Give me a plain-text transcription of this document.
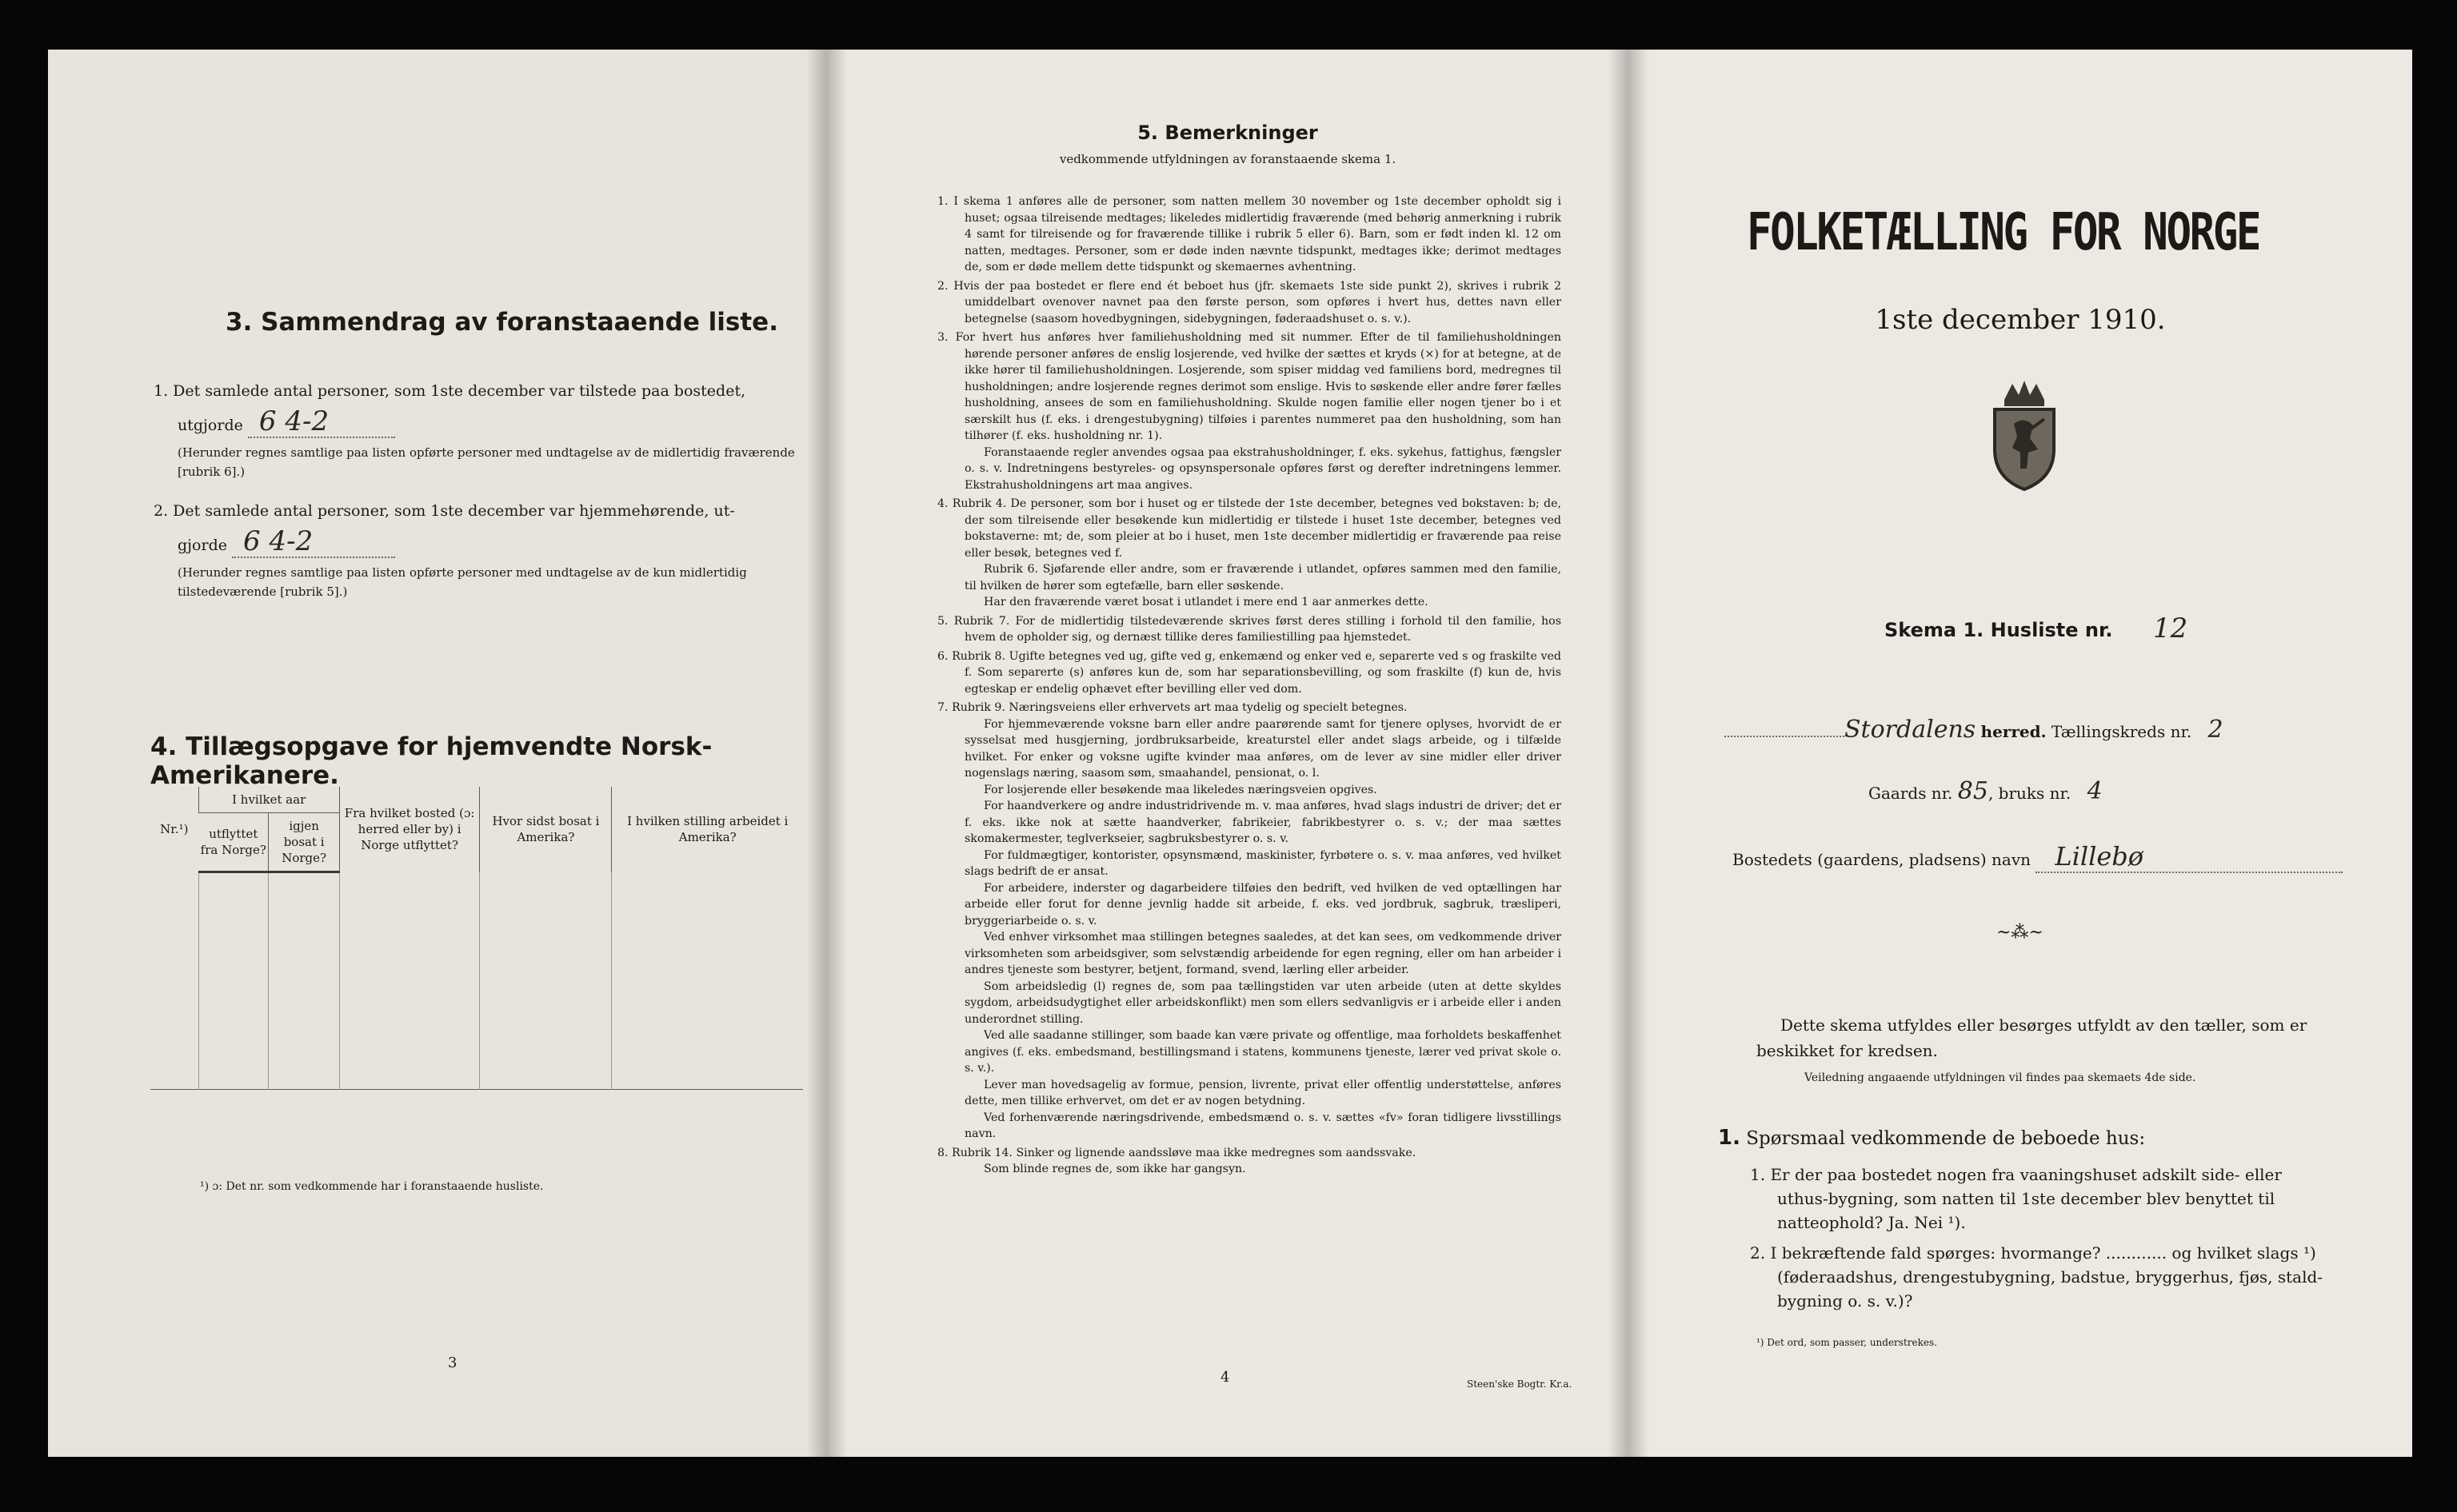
3. Sammendrag av foranstaaende liste.
1. Det samlede antal personer, som 1ste december var tilstede paa bostedet,
utgjorde 6 4-2
(Herunder regnes samtlige paa listen opførte personer med undtagelse av de midlertidig fraværende [rubrik 6].)
2. Det samlede antal personer, som 1ste december var hjemmehørende, ut-
gjorde 6 4-2
(Herunder regnes samtlige paa listen opførte personer med undtagelse av de kun midlertidig tilstedeværende [rubrik 5].)
4. Tillægsopgave for hjemvendte Norsk-Amerikanere.
Nr.¹)	I hvilket aar		Fra hvilket bosted (ɔ: herred eller by) i Norge utflyttet?	Hvor sidst bosat i Amerika?	I hvilken stilling arbeidet i Amerika?
	utflyttet fra Norge?	igjen bosat i Norge?			

¹) ɔ: Det nr. som vedkommende har i foranstaaende husliste.
3
5. Bemerkninger
vedkommende utfyldningen av foranstaaende skema 1.

1. I skema 1 anføres alle de personer, som natten mellem 30 november og 1ste december opholdt sig i huset; ogsaa tilreisende medtages; likeledes midlertidig fraværende (med behørig anmerkning i rubrik 4 samt for tilreisende og for fraværende tillike i rubrik 5 eller 6). Barn, som er født inden kl. 12 om natten, medtages. Personer, som er døde inden nævnte tidspunkt, medtages ikke; derimot medtages de, som er døde mellem dette tidspunkt og skemaernes avhentning.

2. Hvis der paa bostedet er flere end ét beboet hus (jfr. skemaets 1ste side punkt 2), skrives i rubrik 2 umiddelbart ovenover navnet paa den første person, som opføres i hvert hus, dettes navn eller betegnelse (saasom hovedbygningen, sidebygningen, føderaadshuset o. s. v.).

3. For hvert hus anføres hver familiehusholdning med sit nummer. Efter de til familiehusholdningen hørende personer anføres de enslig losjerende, ved hvilke der sættes et kryds (×) for at betegne, at de ikke hører til familiehusholdningen. Losjerende, som spiser middag ved familiens bord, medregnes til husholdningen; andre losjerende regnes derimot som enslige. Hvis to søskende eller andre fører fælles husholdning, ansees de som en familiehusholdning. Skulde nogen familie eller nogen tjener bo i et særskilt hus (f. eks. i drengestubygning) tilføies i parentes nummeret paa den husholdning, som han tilhører (f. eks. husholdning nr. 1).

Foranstaaende regler anvendes ogsaa paa ekstrahusholdninger, f. eks. sykehus, fattighus, fængsler o. s. v. Indretningens bestyreles- og opsynspersonale opføres først og derefter indretningens lemmer. Ekstrahusholdningens art maa angives.

4. Rubrik 4. De personer, som bor i huset og er tilstede der 1ste december, betegnes ved bokstaven: b; de, der som tilreisende eller besøkende kun midlertidig er tilstede i huset 1ste december, betegnes ved bokstaverne: mt; de, som pleier at bo i huset, men 1ste december midlertidig er fraværende paa reise eller besøk, betegnes ved f.

Rubrik 6. Sjøfarende eller andre, som er fraværende i utlandet, opføres sammen med den familie, til hvilken de hører som egtefælle, barn eller søskende.

Har den fraværende været bosat i utlandet i mere end 1 aar anmerkes dette.

5. Rubrik 7. For de midlertidig tilstedeværende skrives først deres stilling i forhold til den familie, hos hvem de opholder sig, og dernæst tillike deres familiestilling paa hjemstedet.

6. Rubrik 8. Ugifte betegnes ved ug, gifte ved g, enkemænd og enker ved e, separerte ved s og fraskilte ved f. Som separerte (s) anføres kun de, som har separationsbevilling, og som fraskilte (f) kun de, hvis egteskap er endelig ophævet efter bevilling eller ved dom.

7. Rubrik 9. Næringsveiens eller erhvervets art maa tydelig og specielt betegnes.

For hjemmeværende voksne barn eller andre paarørende samt for tjenere oplyses, hvorvidt de er sysselsat med husgjerning, jordbruksarbeide, kreaturstel eller andet slags arbeide, og i tilfælde hvilket. For enker og voksne ugifte kvinder maa anføres, om de lever av sine midler eller driver nogenslags næring, saasom søm, smaahandel, pensionat, o. l.

For losjerende eller besøkende maa likeledes næringsveien opgives.

For haandverkere og andre industridrivende m. v. maa anføres, hvad slags industri de driver; det er f. eks. ikke nok at sætte haandverker, fabrikeier, fabrikbestyrer o. s. v.; der maa sættes skomakermester, teglverkseier, sagbruksbestyrer o. s. v.

For fuldmægtiger, kontorister, opsynsmænd, maskinister, fyrbøtere o. s. v. maa anføres, ved hvilket slags bedrift de er ansat.

For arbeidere, inderster og dagarbeidere tilføies den bedrift, ved hvilken de ved optællingen har arbeide eller forut for denne jevnlig hadde sit arbeide, f. eks. ved jordbruk, sagbruk, træsliperi, bryggeriarbeide o. s. v.

Ved enhver virksomhet maa stillingen betegnes saaledes, at det kan sees, om vedkommende driver virksomheten som arbeidsgiver, som selvstændig arbeidende for egen regning, eller om han arbeider i andres tjeneste som bestyrer, betjent, formand, svend, lærling eller arbeider.

Som arbeidsledig (l) regnes de, som paa tællingstiden var uten arbeide (uten at dette skyldes sygdom, arbeidsudygtighet eller arbeidskonflikt) men som ellers sedvanligvis er i arbeide eller i anden underordnet stilling.

Ved alle saadanne stillinger, som baade kan være private og offentlige, maa forholdets beskaffenhet angives (f. eks. embedsmand, bestillingsmand i statens, kommunens tjeneste, lærer ved privat skole o. s. v.).

Lever man hovedsagelig av formue, pension, livrente, privat eller offentlig understøttelse, anføres dette, men tillike erhvervet, om det er av nogen betydning.

Ved forhenværende næringsdrivende, embedsmænd o. s. v. sættes «fv» foran tidligere livsstillings navn.

8. Rubrik 14. Sinker og lignende aandssløve maa ikke medregnes som aandssvake.

Som blinde regnes de, som ikke har gangsyn.

4	Steen'ske Bogtr. Kr.a.
FOLKETÆLLING FOR NORGE
1ste december 1910.
Skema 1. Husliste nr. 12
Stordalens herred. Tællingskreds nr. 2
Gaards nr. 85, bruks nr. 4
Bostedets (gaardens, pladsens) navn Lillebø
~⁂~
Dette skema utfyldes eller besørges utfyldt av den tæller, som er
beskikket for kredsen.
Veiledning angaaende utfyldningen vil findes paa skemaets 4de side.
1. Spørsmaal vedkommende de beboede hus:
1. Er der paa bostedet nogen fra vaaningshuset adskilt side- eller
uthus-bygning, som natten til 1ste december blev benyttet til
natteophold? Ja. Nei ¹).
2. I bekræftende fald spørges: hvormange? ............ og hvilket slags ¹)
(føderaadshus, drengestubygning, badstue, bryggerhus, fjøs, stald-
bygning o. s. v.)?
¹) Det ord, som passer, understrekes.
